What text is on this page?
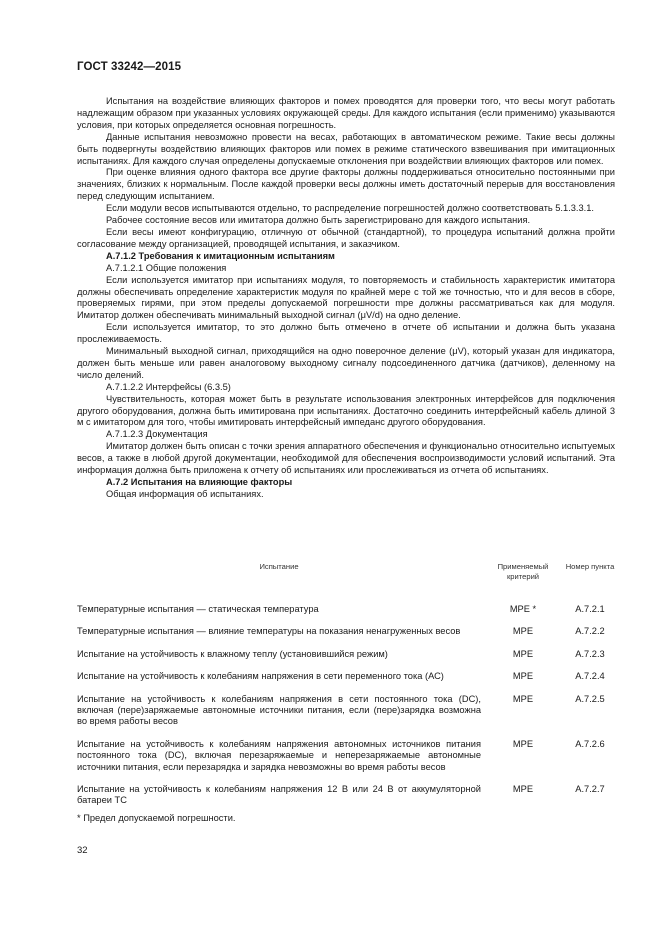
ГОСТ 33242—2015

Испытания на воздействие влияющих факторов и помех проводятся для проверки того, что весы могут работать надлежащим образом при указанных условиях окружающей среды. Для каждого испытания (если применимо) указываются условия, при которых определяется основная погрешность.

Данные испытания невозможно провести на весах, работающих в автоматическом режиме. Такие весы должны быть подвергнуты воздействию влияющих факторов или помех в режиме статического взвешивания при имитационных испытаниях. Для каждого случая определены допускаемые отклонения при воздействии влияющих факторов или помех.

При оценке влияния одного фактора все другие факторы должны поддерживаться относительно постоянными при значениях, близких к нормальным. После каждой проверки весы должны иметь достаточный перерыв для восстановления перед следующим испытанием.

Если модули весов испытываются отдельно, то распределение погрешностей должно соответствовать 5.1.3.3.1.

Рабочее состояние весов или имитатора должно быть зарегистрировано для каждого испытания.

Если весы имеют конфигурацию, отличную от обычной (стандартной), то процедура испытаний должна пройти согласование между организацией, проводящей испытания, и заказчиком.

А.7.1.2 Требования к имитационным испытаниям

А.7.1.2.1 Общие положения

Если используется имитатор при испытаниях модуля, то повторяемость и стабильность характеристик имитатора должны обеспечивать определение характеристик модуля по крайней мере с той же точностью, что и для весов в сборе, проверяемых гирями, при этом пределы допускаемой погрешности mpe должны рассматриваться как для модуля. Имитатор должен обеспечивать минимальный выходной сигнал (μV/d) на одно деление.

Если используется имитатор, то это должно быть отмечено в отчете об испытании и должна быть указана прослеживаемость.

Минимальный выходной сигнал, приходящийся на одно поверочное деление (μV), который указан для индикатора, должен быть меньше или равен аналоговому выходному сигналу подсоединенного датчика (датчиков), деленному на число делений.

А.7.1.2.2 Интерфейсы (6.3.5)

Чувствительность, которая может быть в результате использования электронных интерфейсов для подключения другого оборудования, должна быть имитирована при испытаниях. Достаточно соединить интерфейсный кабель длиной 3 м с имитатором для того, чтобы имитировать интерфейсный импеданс другого оборудования.

А.7.1.2.3 Документация

Имитатор должен быть описан с точки зрения аппаратного обеспечения и функционально относительно испытуемых весов, а также в любой другой документации, необходимой для обеспечения воспроизводимости условий испытаний. Эта информация должна быть приложена к отчету об испытаниях или прослеживаться из отчета об испытаниях.

А.7.2 Испытания на влияющие факторы

Общая информация об испытаниях.

Испытание	Применяемый критерий	Номер пункта
Температурные испытания — статическая температура	MPE *	А.7.2.1
Температурные испытания — влияние температуры на показания ненагруженных весов	MPE	А.7.2.2
Испытание на устойчивость к влажному теплу (установившийся режим)	MPE	А.7.2.3
Испытание на устойчивость к колебаниям напряжения в сети переменного тока (АС)	MPE	А.7.2.4
Испытание на устойчивость к колебаниям напряжения в сети постоянного тока (DC), включая (пере)заряжаемые автономные источники питания, если (пере)зарядка возможна во время работы весов	MPE	А.7.2.5
Испытание на устойчивость к колебаниям напряжения автономных источников питания постоянного тока (DC), включая перезаряжаемые и неперезаряжаемые автономные источники питания, если перезарядка и зарядка невозможны во время работы весов	MPE	А.7.2.6
Испытание на устойчивость к колебаниям напряжения 12 В или 24 В от аккумуляторной батареи ТС	MPE	А.7.2.7
* Предел допускаемой погрешности.
32
